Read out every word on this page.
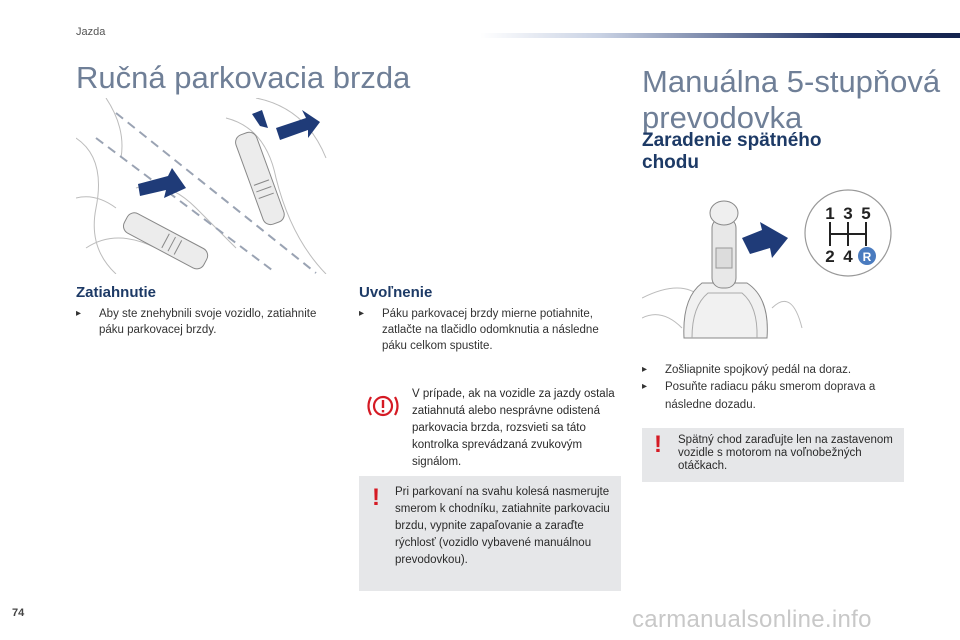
Jazda
Ručná parkovacia brzda
Zatiahnutie
▸	Aby ste znehybnili svoje vozidlo, zatiahnite páku parkovacej brzdy.
Uvoľnenie
▸	Páku parkovacej brzdy mierne potiahnite, zatlačte na tlačidlo odomknutia a následne páku celkom spustite.
V prípade, ak na vozidle za jazdy ostala zatiahnutá alebo nesprávne odistená parkovacia brzda, rozsvieti sa táto kontrolka sprevádzaná zvukovým signálom.
! Pri parkovaní na svahu kolesá nasmerujte smerom k chodníku, zatiahnite parkovaciu brzdu, vypnite zapaľovanie a zaraďte rýchlosť (vozidlo vybavené manuálnou prevodovkou).
Manuálna 5-stupňová prevodovka
Zaradenie spätného chodu
1 3 5
2 4 R
▸	Zošliapnite spojkový pedál na doraz.
▸	Posuňte radiacu páku smerom doprava a následne dozadu.
! Spätný chod zaraďujte len na zastavenom vozidle s motorom na voľnobežných otáčkach.
74	carmanualsonline.info
